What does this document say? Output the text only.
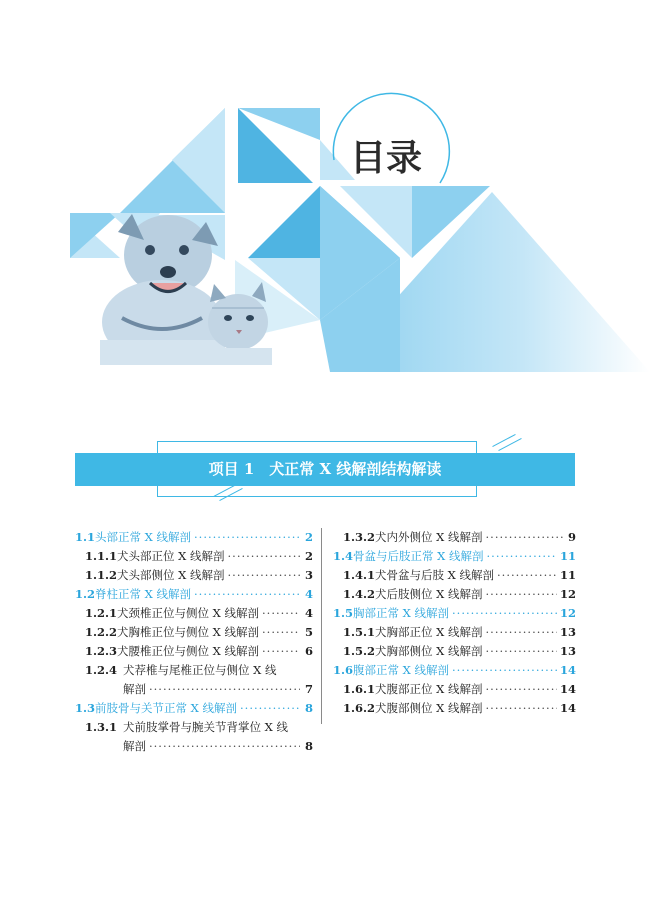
目录
项目 1　犬正常 X 线解剖结构解读
1.1 头部正常 X 线解剖 ·····	2
1.1.1 犬头部正位 X 线解剖 ·····	2
1.1.2 犬头部侧位 X 线解剖 ·····	3
1.2 脊柱正常 X 线解剖 ·····	4
1.2.1 犬颈椎正位与侧位 X 线解剖 ·····	4
1.2.2 犬胸椎正位与侧位 X 线解剖 ·····	5
1.2.3 犬腰椎正位与侧位 X 线解剖 ·····	6
1.2.4 犬荐椎与尾椎正位与侧位 X 线
解剖 ·····	7
1.3 前肢骨与关节正常 X 线解剖 ·····	8
1.3.1 犬前肢掌骨与腕关节背掌位 X 线
解剖 ·····	8
1.3.2 犬内外侧位 X 线解剖 ·····	9
1.4 骨盆与后肢正常 X 线解剖 ·····	11
1.4.1 犬骨盆与后肢 X 线解剖 ·····	11
1.4.2 犬后肢侧位 X 线解剖 ·····	12
1.5 胸部正常 X 线解剖 ·····	12
1.5.1 犬胸部正位 X 线解剖 ·····	13
1.5.2 犬胸部侧位 X 线解剖 ·····	13
1.6 腹部正常 X 线解剖 ·····	14
1.6.1 犬腹部正位 X 线解剖 ·····	14
1.6.2 犬腹部侧位 X 线解剖 ·····	14
